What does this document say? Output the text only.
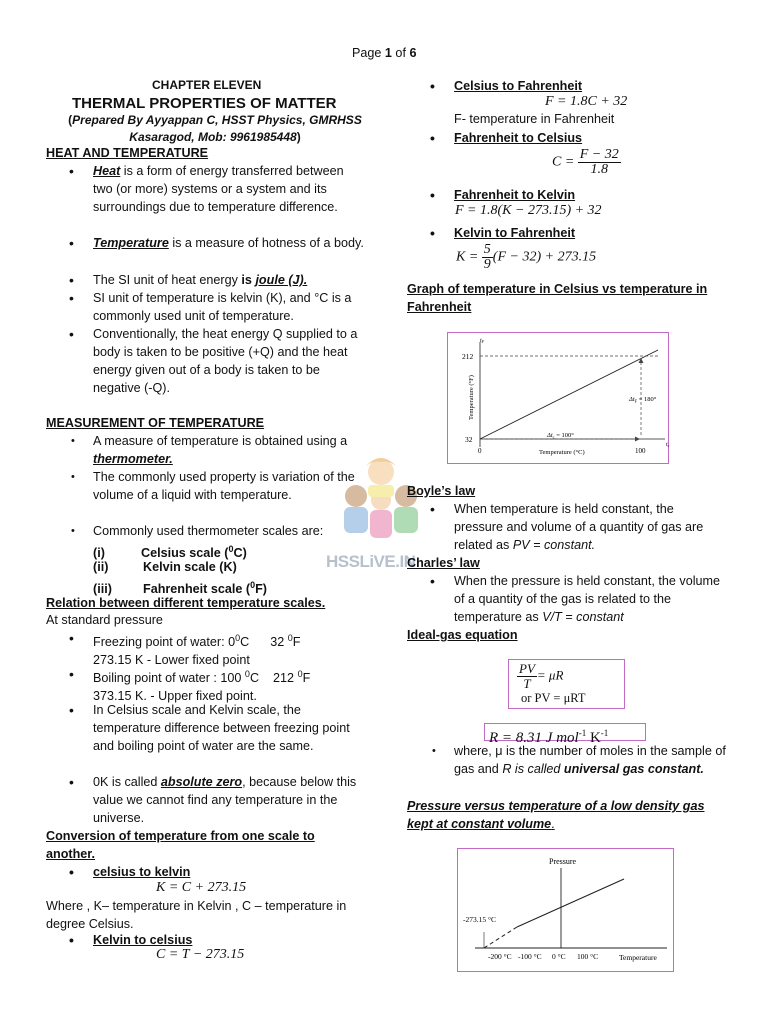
Page 1 of 6
CHAPTER ELEVEN
THERMAL PROPERTIES OF MATTER
(Prepared By Ayyappan C, HSST Physics, GMRHSS
Kasaragod, Mob: 9961985448)
HEAT AND TEMPERATURE
• Heat is a form of energy transferred between two (or more) systems or a system and its surroundings due to temperature difference.
• Temperature is a measure of hotness of a body.
• The SI unit of heat energy is joule (J).
• SI unit of temperature is kelvin (K), and °C is a commonly used unit of temperature.
• Conventionally, the heat energy Q supplied to a body is taken to be positive (+Q) and the heat energy given out of a body is taken to be negative (-Q).
MEASUREMENT OF TEMPERATURE
• A measure of temperature is obtained using a thermometer.
• The commonly used property is variation of the volume of a liquid with temperature.
• Commonly used thermometer scales are:
(i)	Celsius scale ($^0$C)
(ii)	Kelvin scale (K)
(iii) Fahrenheit scale ($^0$F)
Relation between different temperature scales.
At standard pressure
• Freezing point of water: $0^0C$ 32 $^0$F
273.15 K - Lower fixed point
• Boiling point of water : 100 $^0$C 212 $^0$F
373.15 K. - Upper fixed point.
• In Celsius scale and Kelvin scale, the temperature difference between freezing point and boiling point of water are the same.
• 0K is called absolute zero, because below this value we cannot find any temperature in the universe.
Conversion of temperature from one scale to another.
• celsius to kelvin
K = C + 273.15
Where , K– temperature in Kelvin , C – temperature in degree Celsius.
• Kelvin to celsius
C = T − 273.15
• Celsius to Fahrenheit
F = 1.8C + 32
F- temperature in Fahrenheit
• Fahrenheit to Celsius
$C = \frac{F - 32}{1.8}$
• Fahrenheit to Kelvin
F = 1.8(K − 273.15) + 32
• Kelvin to Fahrenheit
$K = \frac{5}{9} (F - 32) + 273.15$
Graph of temperature in Celsius vs temperature in Fahrenheit
tF
tc
212
32
0	100
Temperature (°C)
Temperature (°F)	$\Delta t_F = 180^\circ$
$\Delta t_c = 100^\circ$
HSSLiVE.IN
Boyle’s law
• When temperature is held constant, the pressure and volume of a quantity of gas are related as PV = constant.
Charles’ law
• When the pressure is held constant, the volume of a quantity of the gas is related to the temperature as V/T = constant
Ideal-gas equation
$\frac{PV}{T} = \mu R$
or PV = μRT
R = 8.31 J mol$^{-1}$ $K^{-1}$
• where, μ is the number of moles in the sample of gas and R is called universal gas constant.
Pressure versus temperature of a low density gas kept at constant volume.
Pressure
Temperature
-273.15 °C
-200 °C -100 °C 0 °C 100 °C
